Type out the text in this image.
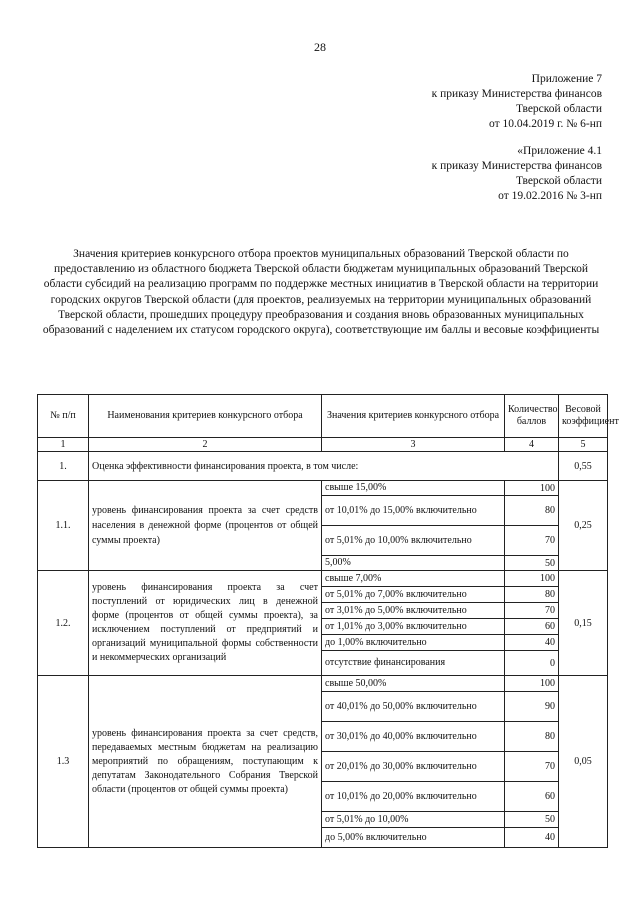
28
Приложение 7
к приказу Министерства финансов
Тверской области
от 10.04.2019 г. № 6-нп
«Приложение 4.1
к приказу Министерства финансов
Тверской области
от 19.02.2016 № 3-нп
Значения критериев конкурсного отбора проектов муниципальных образований Тверской области по предоставлению из областного бюджета Тверской области бюджетам муниципальных образований Тверской области субсидий на реализацию программ по поддержке местных инициатив в Тверской области на территории городских округов Тверской области (для проектов, реализуемых на территории муниципальных образований Тверской области, прошедших процедуру преобразования и создания вновь образованных муниципальных образований с наделением их статусом городского округа), соответствующие им баллы и весовые коэффициенты
№ п/п	Наименования критериев конкурсного отбора	Значения критериев конкурсного отбора	Количество баллов	Весовой коэффициент
1	2	3	4	5
1.	Оценка эффективности финансирования проекта, в том числе:			0,55
1.1.	уровень финансирования проекта за счет средств населения в денежной форме (процентов от общей суммы проекта)	свыше 15,00%	100	0,25
		от 10,01% до 15,00% включительно	80	
		от 5,01% до 10,00% включительно	70	
		5,00%	50	
1.2.	уровень финансирования проекта за счет поступлений от юридических лиц в денежной форме (процентов от общей суммы проекта), за исключением поступлений от предприятий и организаций муниципальной формы собственности и некоммерческих организаций	свыше 7,00%	100	0,15
		от 5,01% до 7,00% включительно	80	
		от 3,01% до 5,00% включительно	70	
		от 1,01% до 3,00% включительно	60	
		до 1,00% включительно	40	
		отсутствие финансирования	0	
1.3	уровень финансирования проекта за счет средств, передаваемых местным бюджетам на реализацию мероприятий по обращениям, поступающим к депутатам Законодательного Собрания Тверской области (процентов от общей суммы проекта)	свыше 50,00%	100	0,05
		от 40,01% до 50,00% включительно	90	
		от 30,01% до 40,00% включительно	80	
		от 20,01% до 30,00% включительно	70	
		от 10,01% до 20,00% включительно	60	
		от 5,01% до 10,00%	50	
		до 5,00% включительно	40	
